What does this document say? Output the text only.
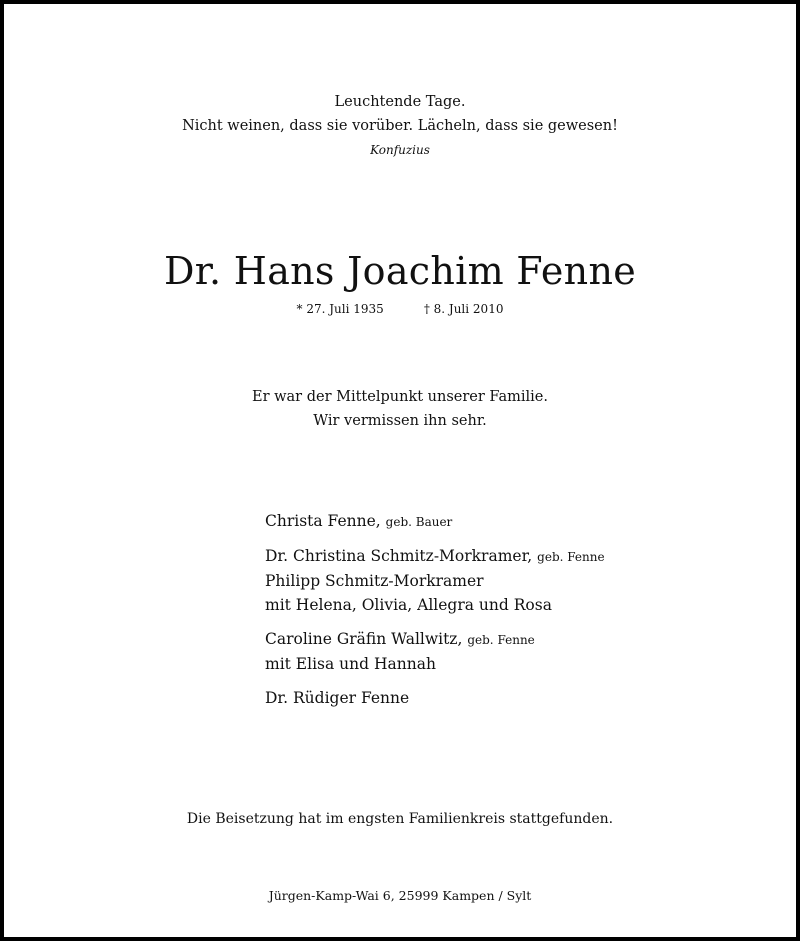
Leuchtende Tage.
Nicht weinen, dass sie vorüber. Lächeln, dass sie gewesen!
Konfuzius
Dr. Hans Joachim Fenne
* 27. Juli 1935	† 8. Juli 2010
Er war der Mittelpunkt unserer Familie.
Wir vermissen ihn sehr.
Christa Fenne, geb. Bauer
Dr. Christina Schmitz-Morkramer, geb. Fenne
Philipp Schmitz-Morkramer
mit Helena, Olivia, Allegra und Rosa
Caroline Gräfin Wallwitz, geb. Fenne
mit Elisa und Hannah
Dr. Rüdiger Fenne
Die Beisetzung hat im engsten Familienkreis stattgefunden.
Jürgen-Kamp-Wai 6, 25999 Kampen / Sylt
